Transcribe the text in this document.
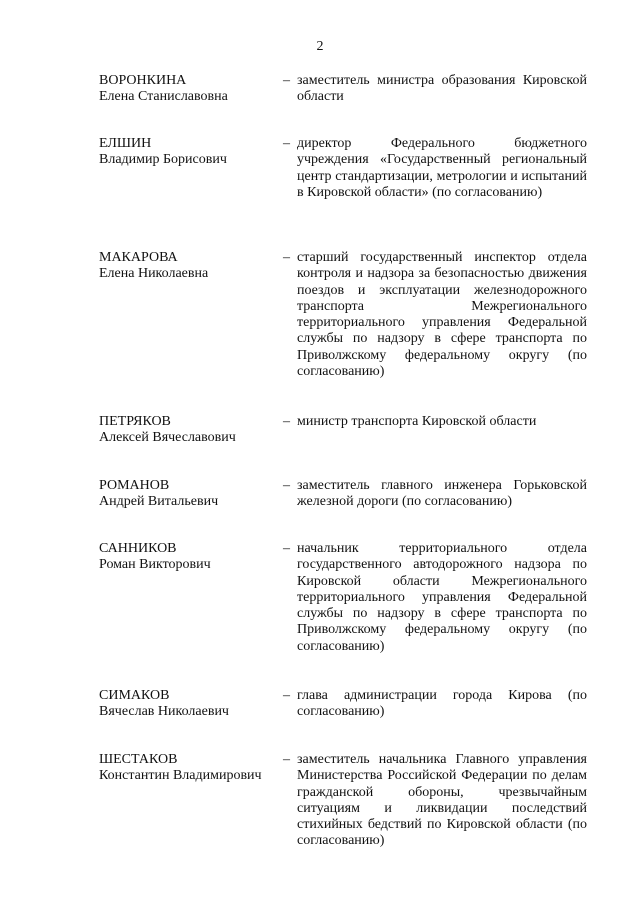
2
ВОРОНКИНА
Елена Станиславовна
– заместитель министра образования Кировской области
ЕЛШИН
Владимир Борисович
– директор Федерального бюджетного учреждения «Государственный региональный центр стандартизации, метрологии и испытаний в Кировской области» (по согласованию)
МАКАРОВА
Елена Николаевна
– старший государственный инспектор отдела контроля и надзора за безопасностью движения поездов и эксплуатации железнодорожного транспорта Межрегионального территориального управления Федеральной службы по надзору в сфере транспорта по Приволжскому федеральному округу (по согласованию)
ПЕТРЯКОВ
Алексей Вячеславович
– министр транспорта Кировской области
РОМАНОВ
Андрей Витальевич
– заместитель главного инженера Горьковской железной дороги (по согласованию)
САННИКОВ
Роман Викторович
– начальник территориального отдела государственного автодорожного надзора по Кировской области Межрегионального территориального управления Федеральной службы по надзору в сфере транспорта по Приволжскому федеральному округу (по согласованию)
СИМАКОВ
Вячеслав Николаевич
– глава администрации города Кирова (по согласованию)
ШЕСТАКОВ
Константин Владимирович
– заместитель начальника Главного управления Министерства Российской Федерации по делам гражданской обороны, чрезвычайным ситуациям и ликвидации последствий стихийных бедствий по Кировской области (по согласованию)
